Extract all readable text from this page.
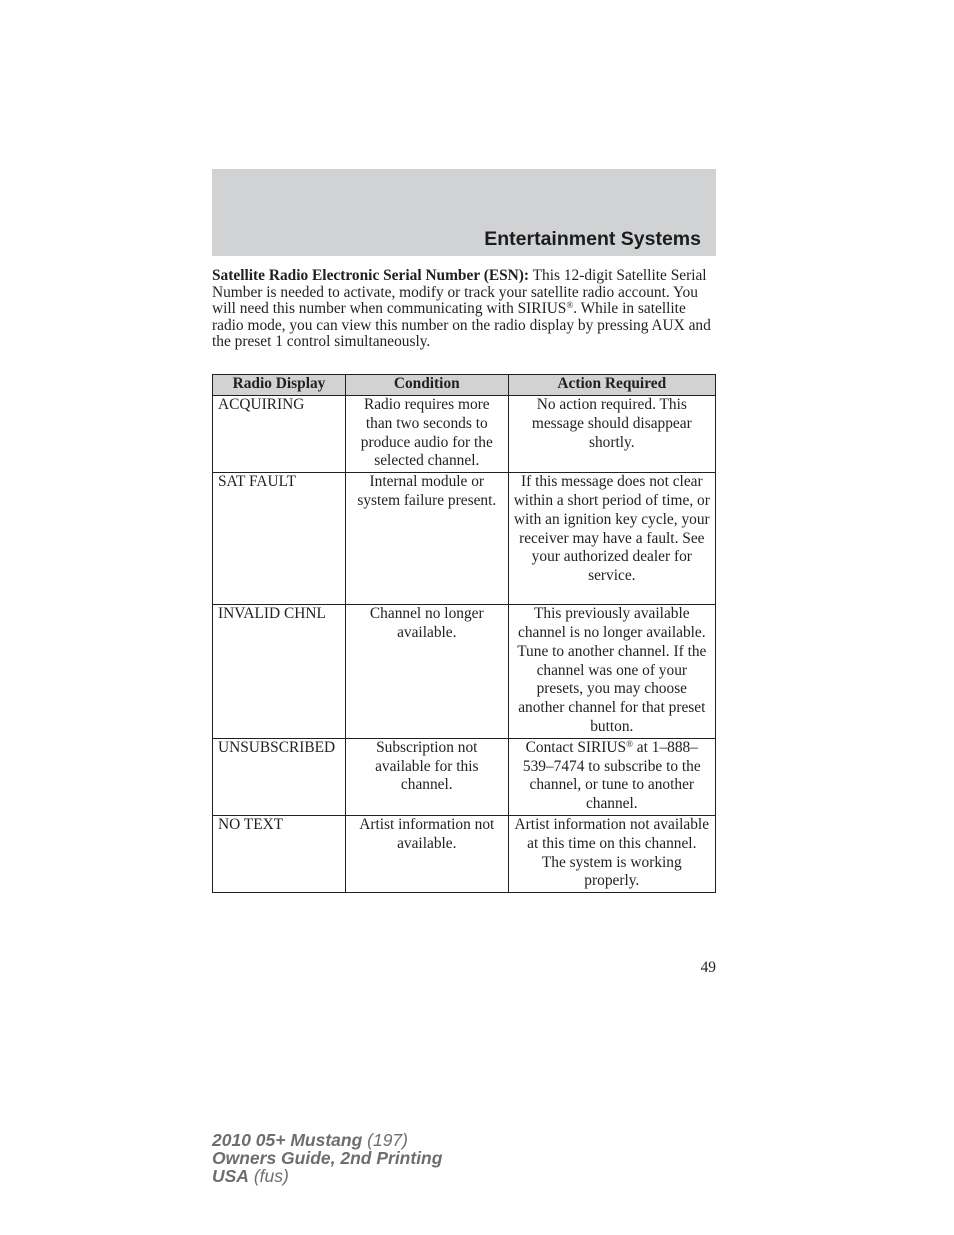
Entertainment Systems

Satellite Radio Electronic Serial Number (ESN): This 12-digit Satellite Serial Number is needed to activate, modify or track your satellite radio account. You will need this number when communicating with SIRIUS®. While in satellite radio mode, you can view this number on the radio display by pressing AUX and the preset 1 control simultaneously.

Radio Display	Condition	Action Required
ACQUIRING	Radio requires more than two seconds to produce audio for the selected channel.	No action required. This message should disappear shortly.
SAT FAULT	Internal module or system failure present.	If this message does not clear within a short period of time, or with an ignition key cycle, your receiver may have a fault. See your authorized dealer for service.
INVALID CHNL	Channel no longer available.	This previously available channel is no longer available. Tune to another channel. If the channel was one of your presets, you may choose another channel for that preset button.
UNSUBSCRIBED	Subscription not available for this channel.	Contact SIRIUS® at 1–888–539–7474 to subscribe to the channel, or tune to another channel.
NO TEXT	Artist information not available.	Artist information not available at this time on this channel. The system is working properly.
49
2010 05+ Mustang (197)
Owners Guide, 2nd Printing
USA (fus)
